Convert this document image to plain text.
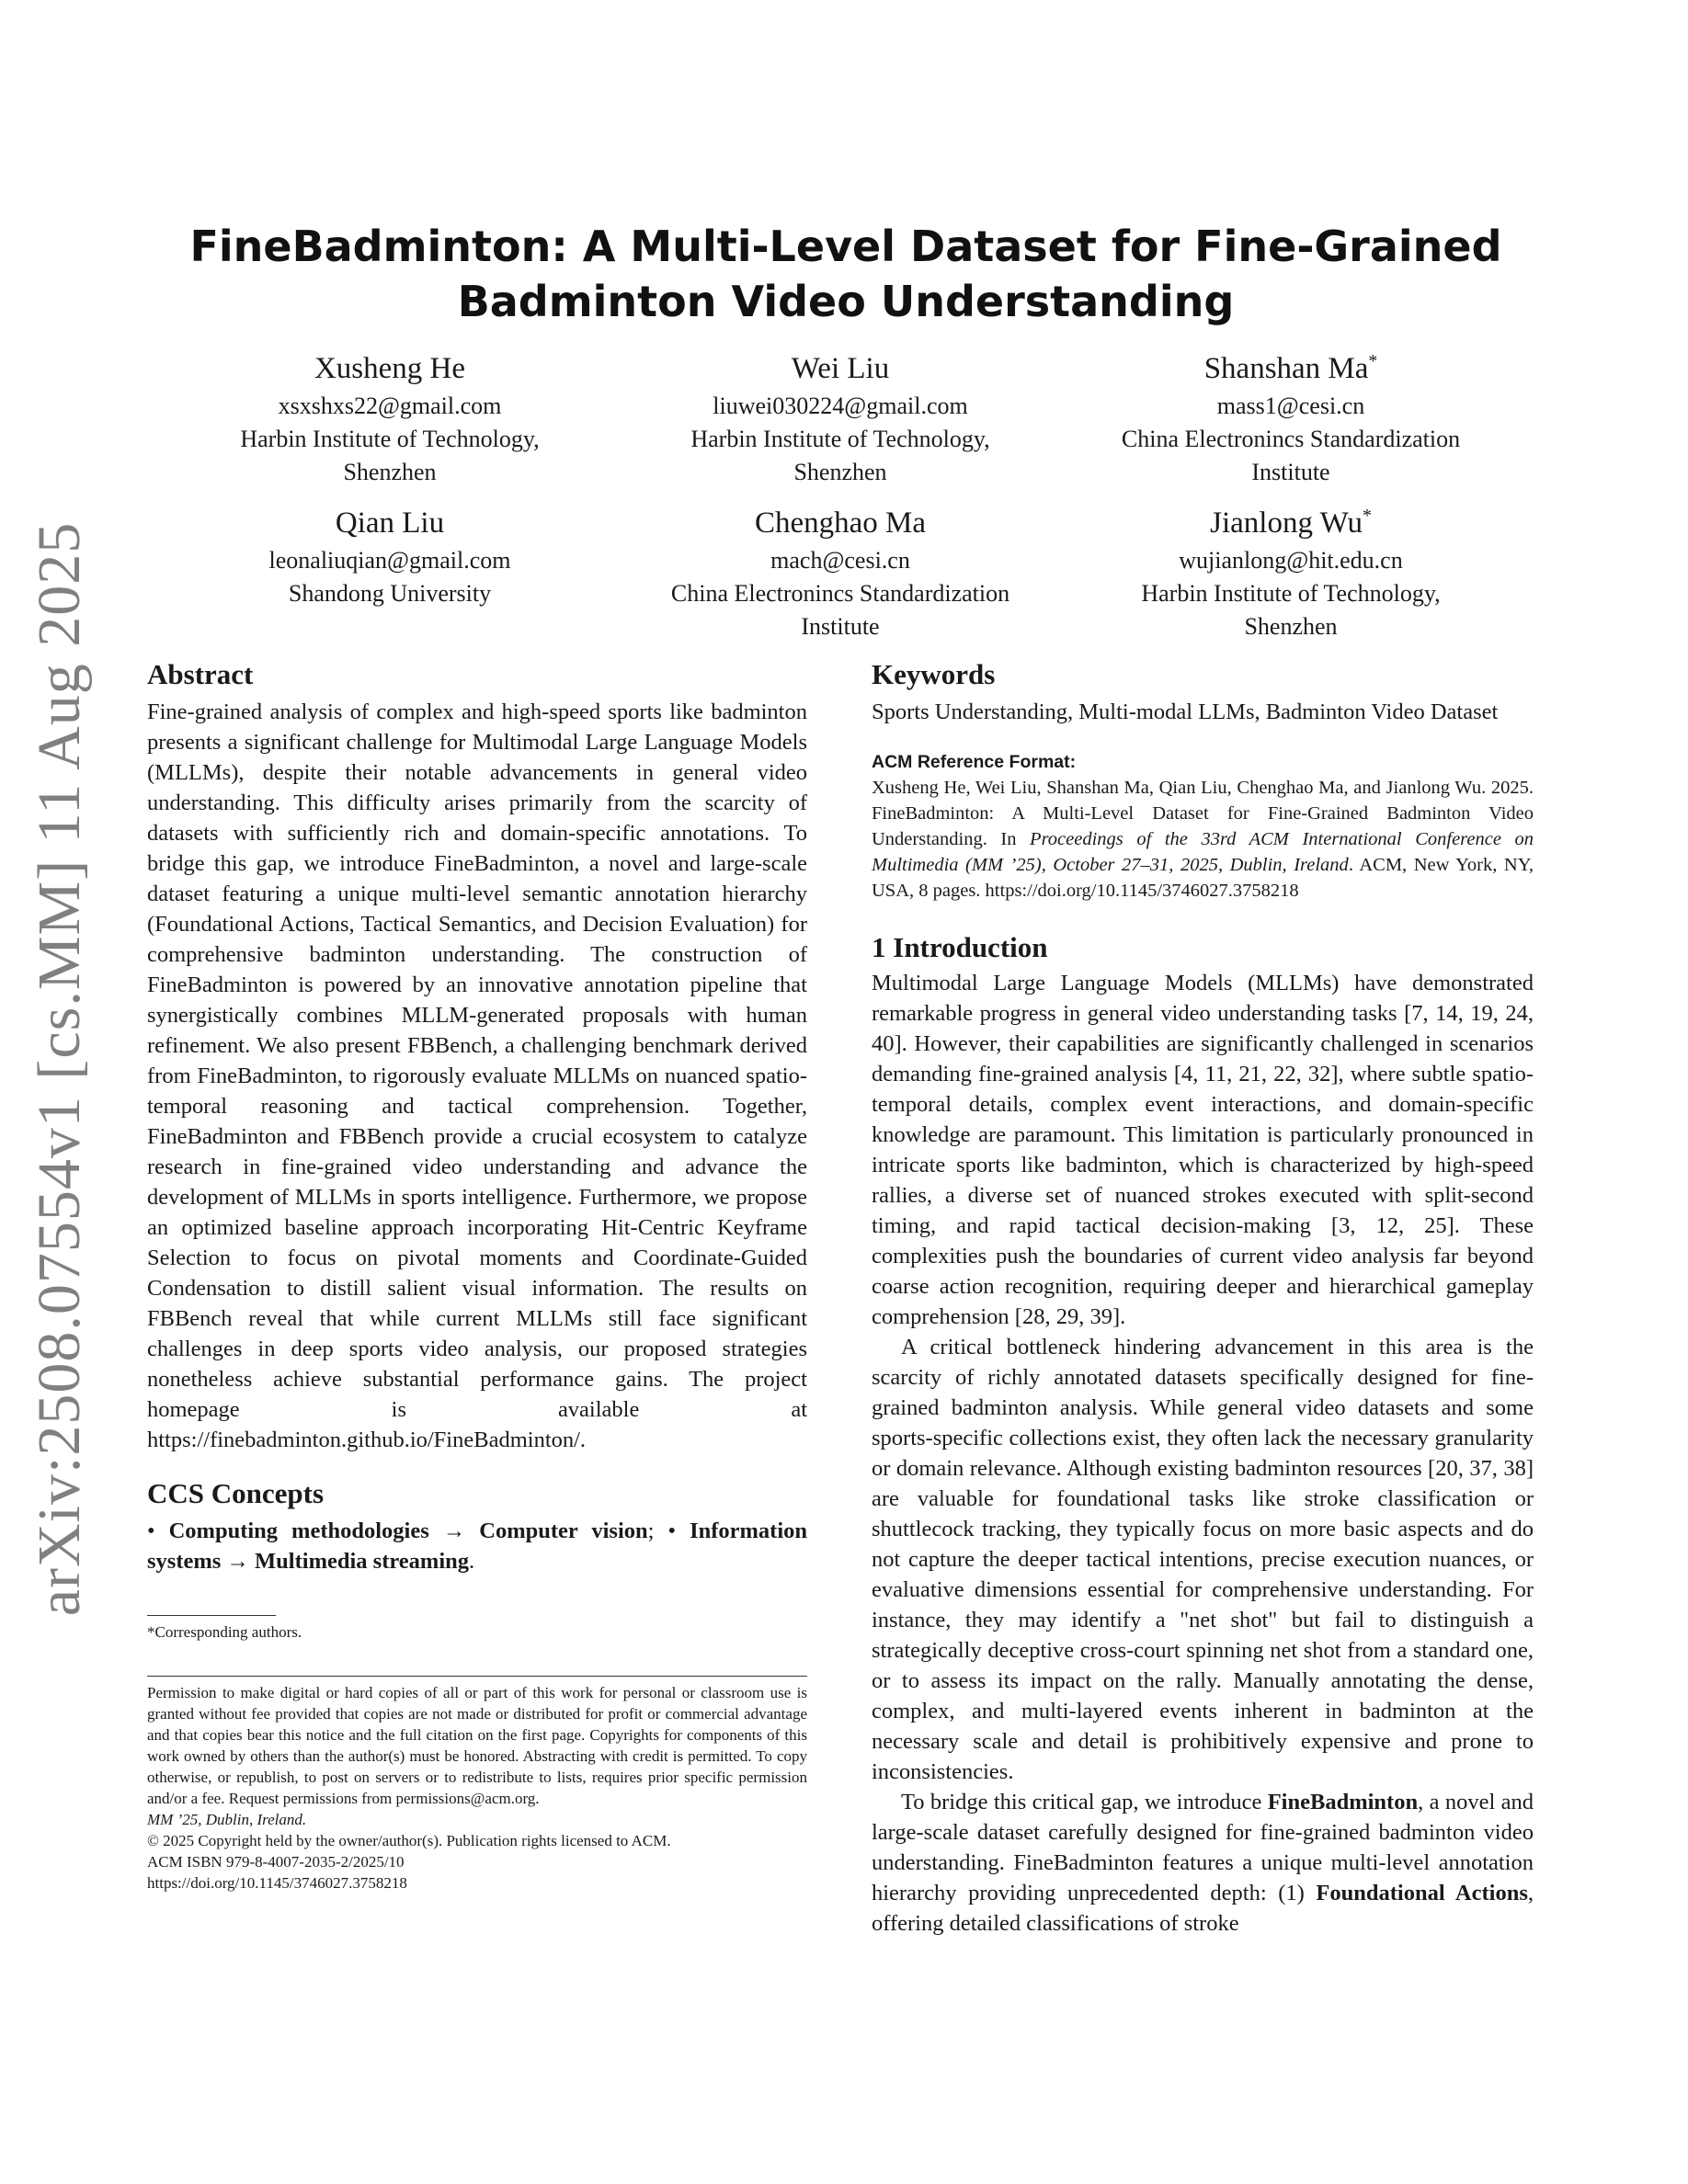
arXiv:2508.07554v1 [cs.MM] 11 Aug 2025
FineBadminton: A Multi-Level Dataset for Fine-Grained
Badminton Video Understanding
Xusheng He
xsxshxs22@gmail.com
Harbin Institute of Technology,
Shenzhen
Wei Liu
liuwei030224@gmail.com
Harbin Institute of Technology,
Shenzhen
Shanshan Ma*
mass1@cesi.cn
China Electronincs Standardization
Institute
Qian Liu
leonaliuqian@gmail.com
Shandong University
Chenghao Ma
mach@cesi.cn
China Electronincs Standardization
Institute
Jianlong Wu*
wujianlong@hit.edu.cn
Harbin Institute of Technology,
Shenzhen
Abstract

Fine-grained analysis of complex and high-speed sports like badminton presents a significant challenge for Multimodal Large Language Models (MLLMs), despite their notable advancements in general video understanding. This difficulty arises primarily from the scarcity of datasets with sufficiently rich and domain-specific annotations. To bridge this gap, we introduce FineBadminton, a novel and large-scale dataset featuring a unique multi-level semantic annotation hierarchy (Foundational Actions, Tactical Semantics, and Decision Evaluation) for comprehensive badminton understanding. The construction of FineBadminton is powered by an innovative annotation pipeline that synergistically combines MLLM-generated proposals with human refinement. We also present FBBench, a challenging benchmark derived from FineBadminton, to rigorously evaluate MLLMs on nuanced spatio-temporal reasoning and tactical comprehension. Together, FineBadminton and FBBench provide a crucial ecosystem to catalyze research in fine-grained video understanding and advance the development of MLLMs in sports intelligence. Furthermore, we propose an optimized baseline approach incorporating Hit-Centric Keyframe Selection to focus on pivotal moments and Coordinate-Guided Condensation to distill salient visual information. The results on FBBench reveal that while current MLLMs still face significant challenges in deep sports video analysis, our proposed strategies nonetheless achieve substantial performance gains. The project homepage is available at https://finebadminton.github.io/FineBadminton/.

CCS Concepts

• Computing methodologies → Computer vision; • Information systems → Multimedia streaming.

*Corresponding authors.

Permission to make digital or hard copies of all or part of this work for personal or classroom use is granted without fee provided that copies are not made or distributed for profit or commercial advantage and that copies bear this notice and the full citation on the first page. Copyrights for components of this work owned by others than the author(s) must be honored. Abstracting with credit is permitted. To copy otherwise, or republish, to post on servers or to redistribute to lists, requires prior specific permission and/or a fee. Request permissions from permissions@acm.org.

MM ’25, Dublin, Ireland.

© 2025 Copyright held by the owner/author(s). Publication rights licensed to ACM.

ACM ISBN 979-8-4007-2035-2/2025/10

https://doi.org/10.1145/3746027.3758218

Keywords

Sports Understanding, Multi-modal LLMs, Badminton Video Dataset

ACM Reference Format:

Xusheng He, Wei Liu, Shanshan Ma, Qian Liu, Chenghao Ma, and Jianlong Wu. 2025. FineBadminton: A Multi-Level Dataset for Fine-Grained Badminton Video Understanding. In Proceedings of the 33rd ACM International Conference on Multimedia (MM ’25), October 27–31, 2025, Dublin, Ireland. ACM, New York, NY, USA, 8 pages. https://doi.org/10.1145/3746027.3758218

1 Introduction

Multimodal Large Language Models (MLLMs) have demonstrated remarkable progress in general video understanding tasks [7, 14, 19, 24, 40]. However, their capabilities are significantly challenged in scenarios demanding fine-grained analysis [4, 11, 21, 22, 32], where subtle spatio-temporal details, complex event interactions, and domain-specific knowledge are paramount. This limitation is particularly pronounced in intricate sports like badminton, which is characterized by high-speed rallies, a diverse set of nuanced strokes executed with split-second timing, and rapid tactical decision-making [3, 12, 25]. These complexities push the boundaries of current video analysis far beyond coarse action recognition, requiring deeper and hierarchical gameplay comprehension [28, 29, 39].

A critical bottleneck hindering advancement in this area is the scarcity of richly annotated datasets specifically designed for fine-grained badminton analysis. While general video datasets and some sports-specific collections exist, they often lack the necessary granularity or domain relevance. Although existing badminton resources [20, 37, 38] are valuable for foundational tasks like stroke classification or shuttlecock tracking, they typically focus on more basic aspects and do not capture the deeper tactical intentions, precise execution nuances, or evaluative dimensions essential for comprehensive understanding. For instance, they may identify a "net shot" but fail to distinguish a strategically deceptive cross-court spinning net shot from a standard one, or to assess its impact on the rally. Manually annotating the dense, complex, and multi-layered events inherent in badminton at the necessary scale and detail is prohibitively expensive and prone to inconsistencies.

To bridge this critical gap, we introduce FineBadminton, a novel and large-scale dataset carefully designed for fine-grained badminton video understanding. FineBadminton features a unique multi-level annotation hierarchy providing unprecedented depth: (1) Foundational Actions, offering detailed classifications of stroke
